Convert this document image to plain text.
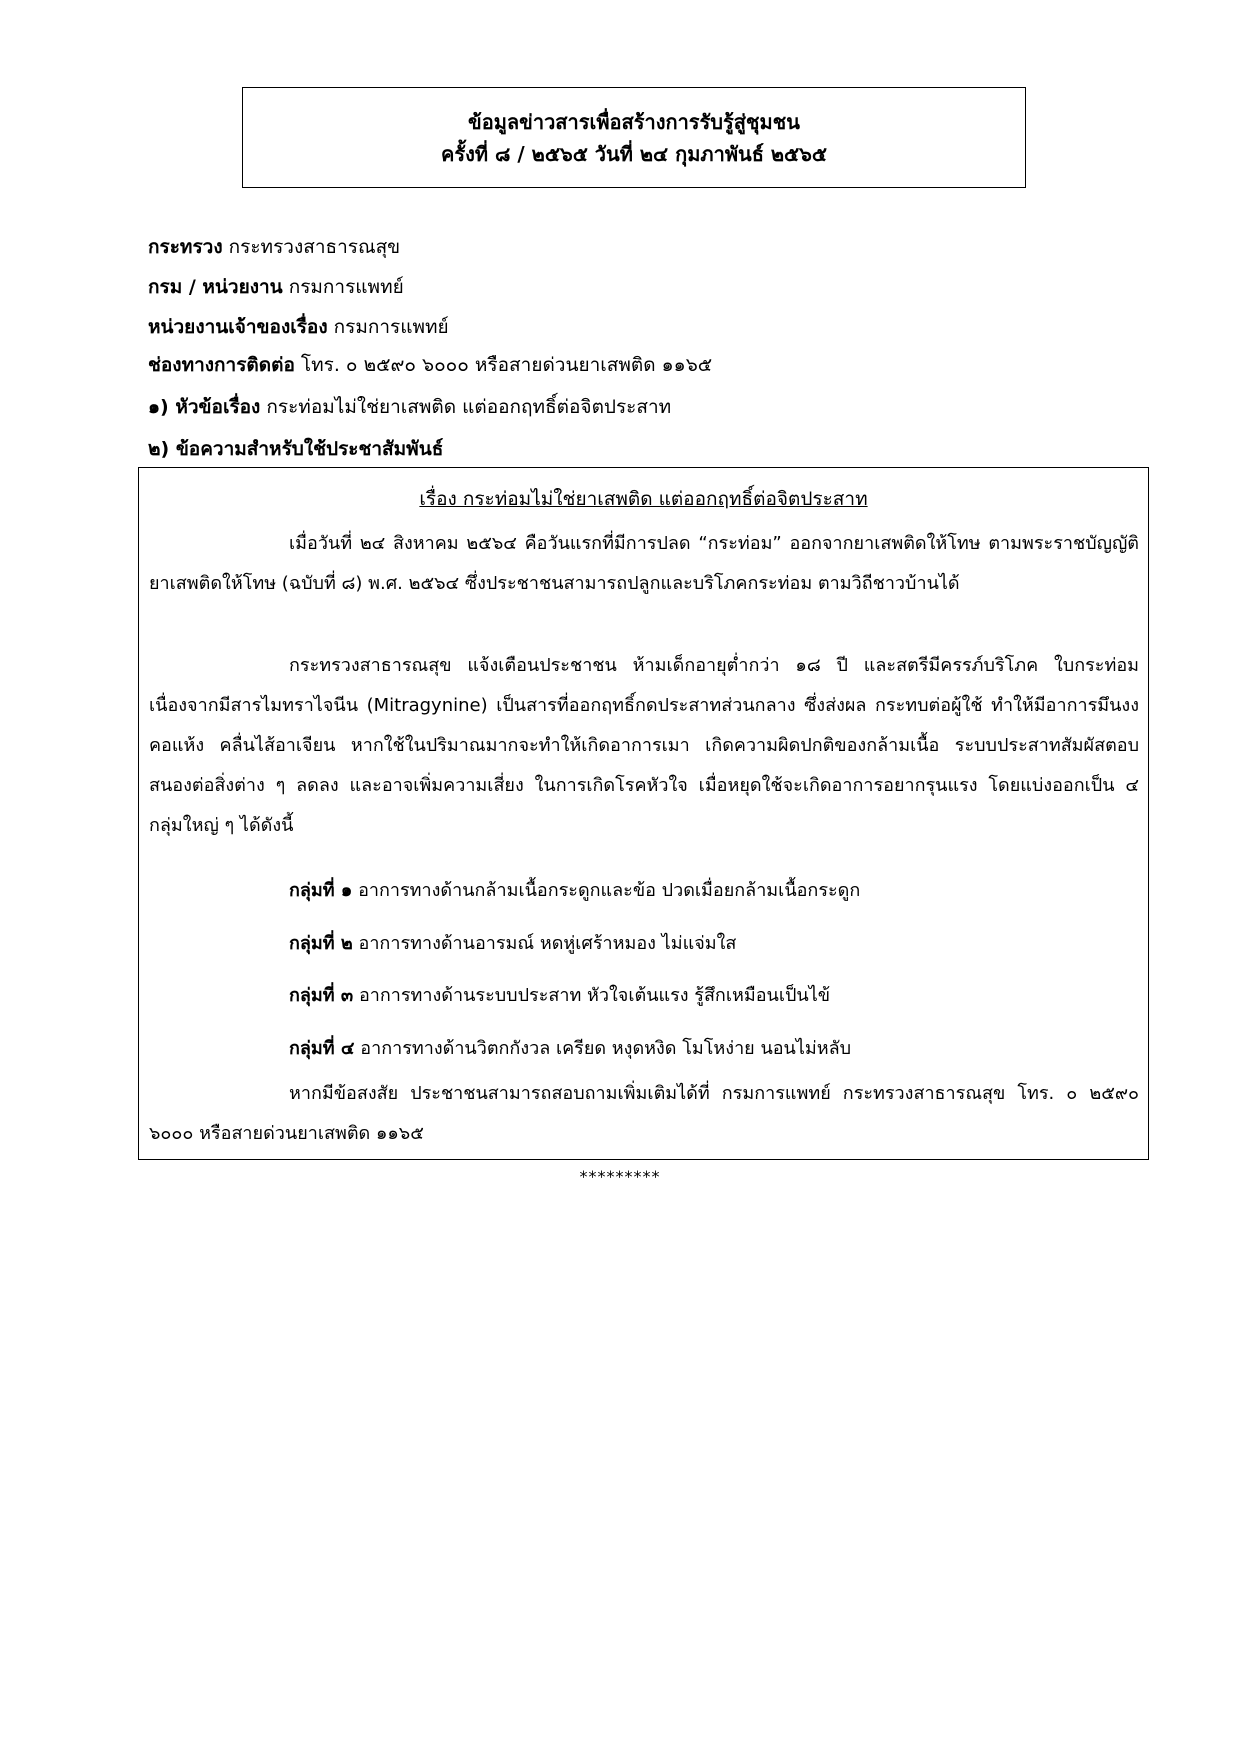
ข้อมูลข่าวสารเพื่อสร้างการรับรู้สู่ชุมชน
ครั้งที่ ๘ / ๒๕๖๕ วันที่ ๒๔ กุมภาพันธ์ ๒๕๖๕
กระทรวง กระทรวงสาธารณสุข
กรม / หน่วยงาน กรมการแพทย์
หน่วยงานเจ้าของเรื่อง กรมการแพทย์
ช่องทางการติดต่อ โทร. ๐ ๒๕๙๐ ๖๐๐๐ หรือสายด่วนยาเสพติด ๑๑๖๕
๑) หัวข้อเรื่อง กระท่อมไม่ใช่ยาเสพติด แต่ออกฤทธิ์ต่อจิตประสาท
๒) ข้อความสำหรับใช้ประชาสัมพันธ์
เรื่อง กระท่อมไม่ใช่ยาเสพติด แต่ออกฤทธิ์ต่อจิตประสาท
เมื่อวันที่ ๒๔ สิงหาคม ๒๕๖๔ คือวันแรกที่มีการปลด “กระท่อม” ออกจากยาเสพติดให้โทษ ตามพระราชบัญญัติยาเสพติดให้โทษ (ฉบับที่ ๘) พ.ศ. ๒๕๖๔ ซึ่งประชาชนสามารถปลูกและบริโภคกระท่อม ตามวิถีชาวบ้านได้
กระทรวงสาธารณสุข แจ้งเตือนประชาชน ห้ามเด็กอายุต่ำกว่า ๑๘ ปี และสตรีมีครรภ์บริโภค ใบกระท่อม เนื่องจากมีสารไมทราไจนีน (Mitragynine) เป็นสารที่ออกฤทธิ์กดประสาทส่วนกลาง ซึ่งส่งผล กระทบต่อผู้ใช้ ทำให้มีอาการมึนงง คอแห้ง คลื่นไส้อาเจียน หากใช้ในปริมาณมากจะทำให้เกิดอาการเมา เกิดความผิดปกติของกล้ามเนื้อ ระบบประสาทสัมผัสตอบสนองต่อสิ่งต่าง ๆ ลดลง และอาจเพิ่มความเสี่ยง ในการเกิดโรคหัวใจ เมื่อหยุดใช้จะเกิดอาการอยากรุนแรง โดยแบ่งออกเป็น ๔ กลุ่มใหญ่ ๆ ได้ดังนี้
กลุ่มที่ ๑ อาการทางด้านกล้ามเนื้อกระดูกและข้อ ปวดเมื่อยกล้ามเนื้อกระดูก
กลุ่มที่ ๒ อาการทางด้านอารมณ์ หดหู่เศร้าหมอง ไม่แจ่มใส
กลุ่มที่ ๓ อาการทางด้านระบบประสาท หัวใจเต้นแรง รู้สึกเหมือนเป็นไข้
กลุ่มที่ ๔ อาการทางด้านวิตกกังวล เครียด หงุดหงิด โมโหง่าย นอนไม่หลับ
หากมีข้อสงสัย ประชาชนสามารถสอบถามเพิ่มเติมได้ที่ กรมการแพทย์ กระทรวงสาธารณสุข โทร. ๐ ๒๕๙๐ ๖๐๐๐ หรือสายด่วนยาเสพติด ๑๑๖๕
*********
